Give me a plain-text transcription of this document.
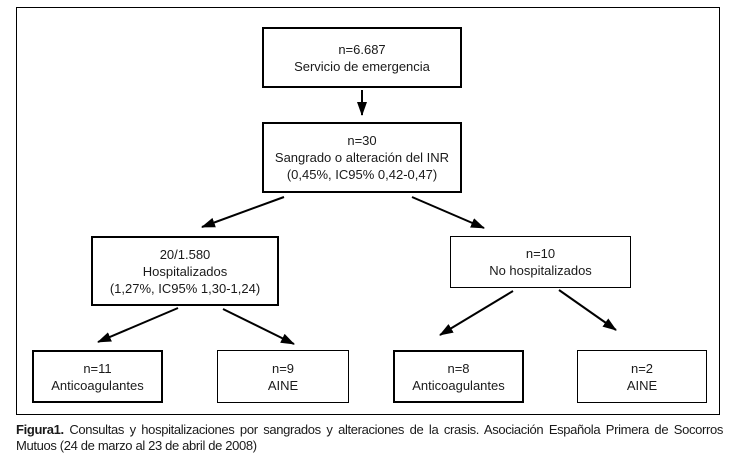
n=6.687
Servicio de emergencia
n=30
Sangrado o alteración del INR
(0,45%, IC95% 0,42-0,47)
20/1.580
Hospitalizados
(1,27%, IC95% 1,30-1,24)
n=10
No hospitalizados
n=11
Anticoagulantes
n=9
AINE
n=8
Anticoagulantes
n=2
AINE

Figura1. Consultas y hospitalizaciones por sangrados y alteraciones de la crasis. Asociación Española Primera de Socorros Mutuos (24 de marzo al 23 de abril de 2008)
